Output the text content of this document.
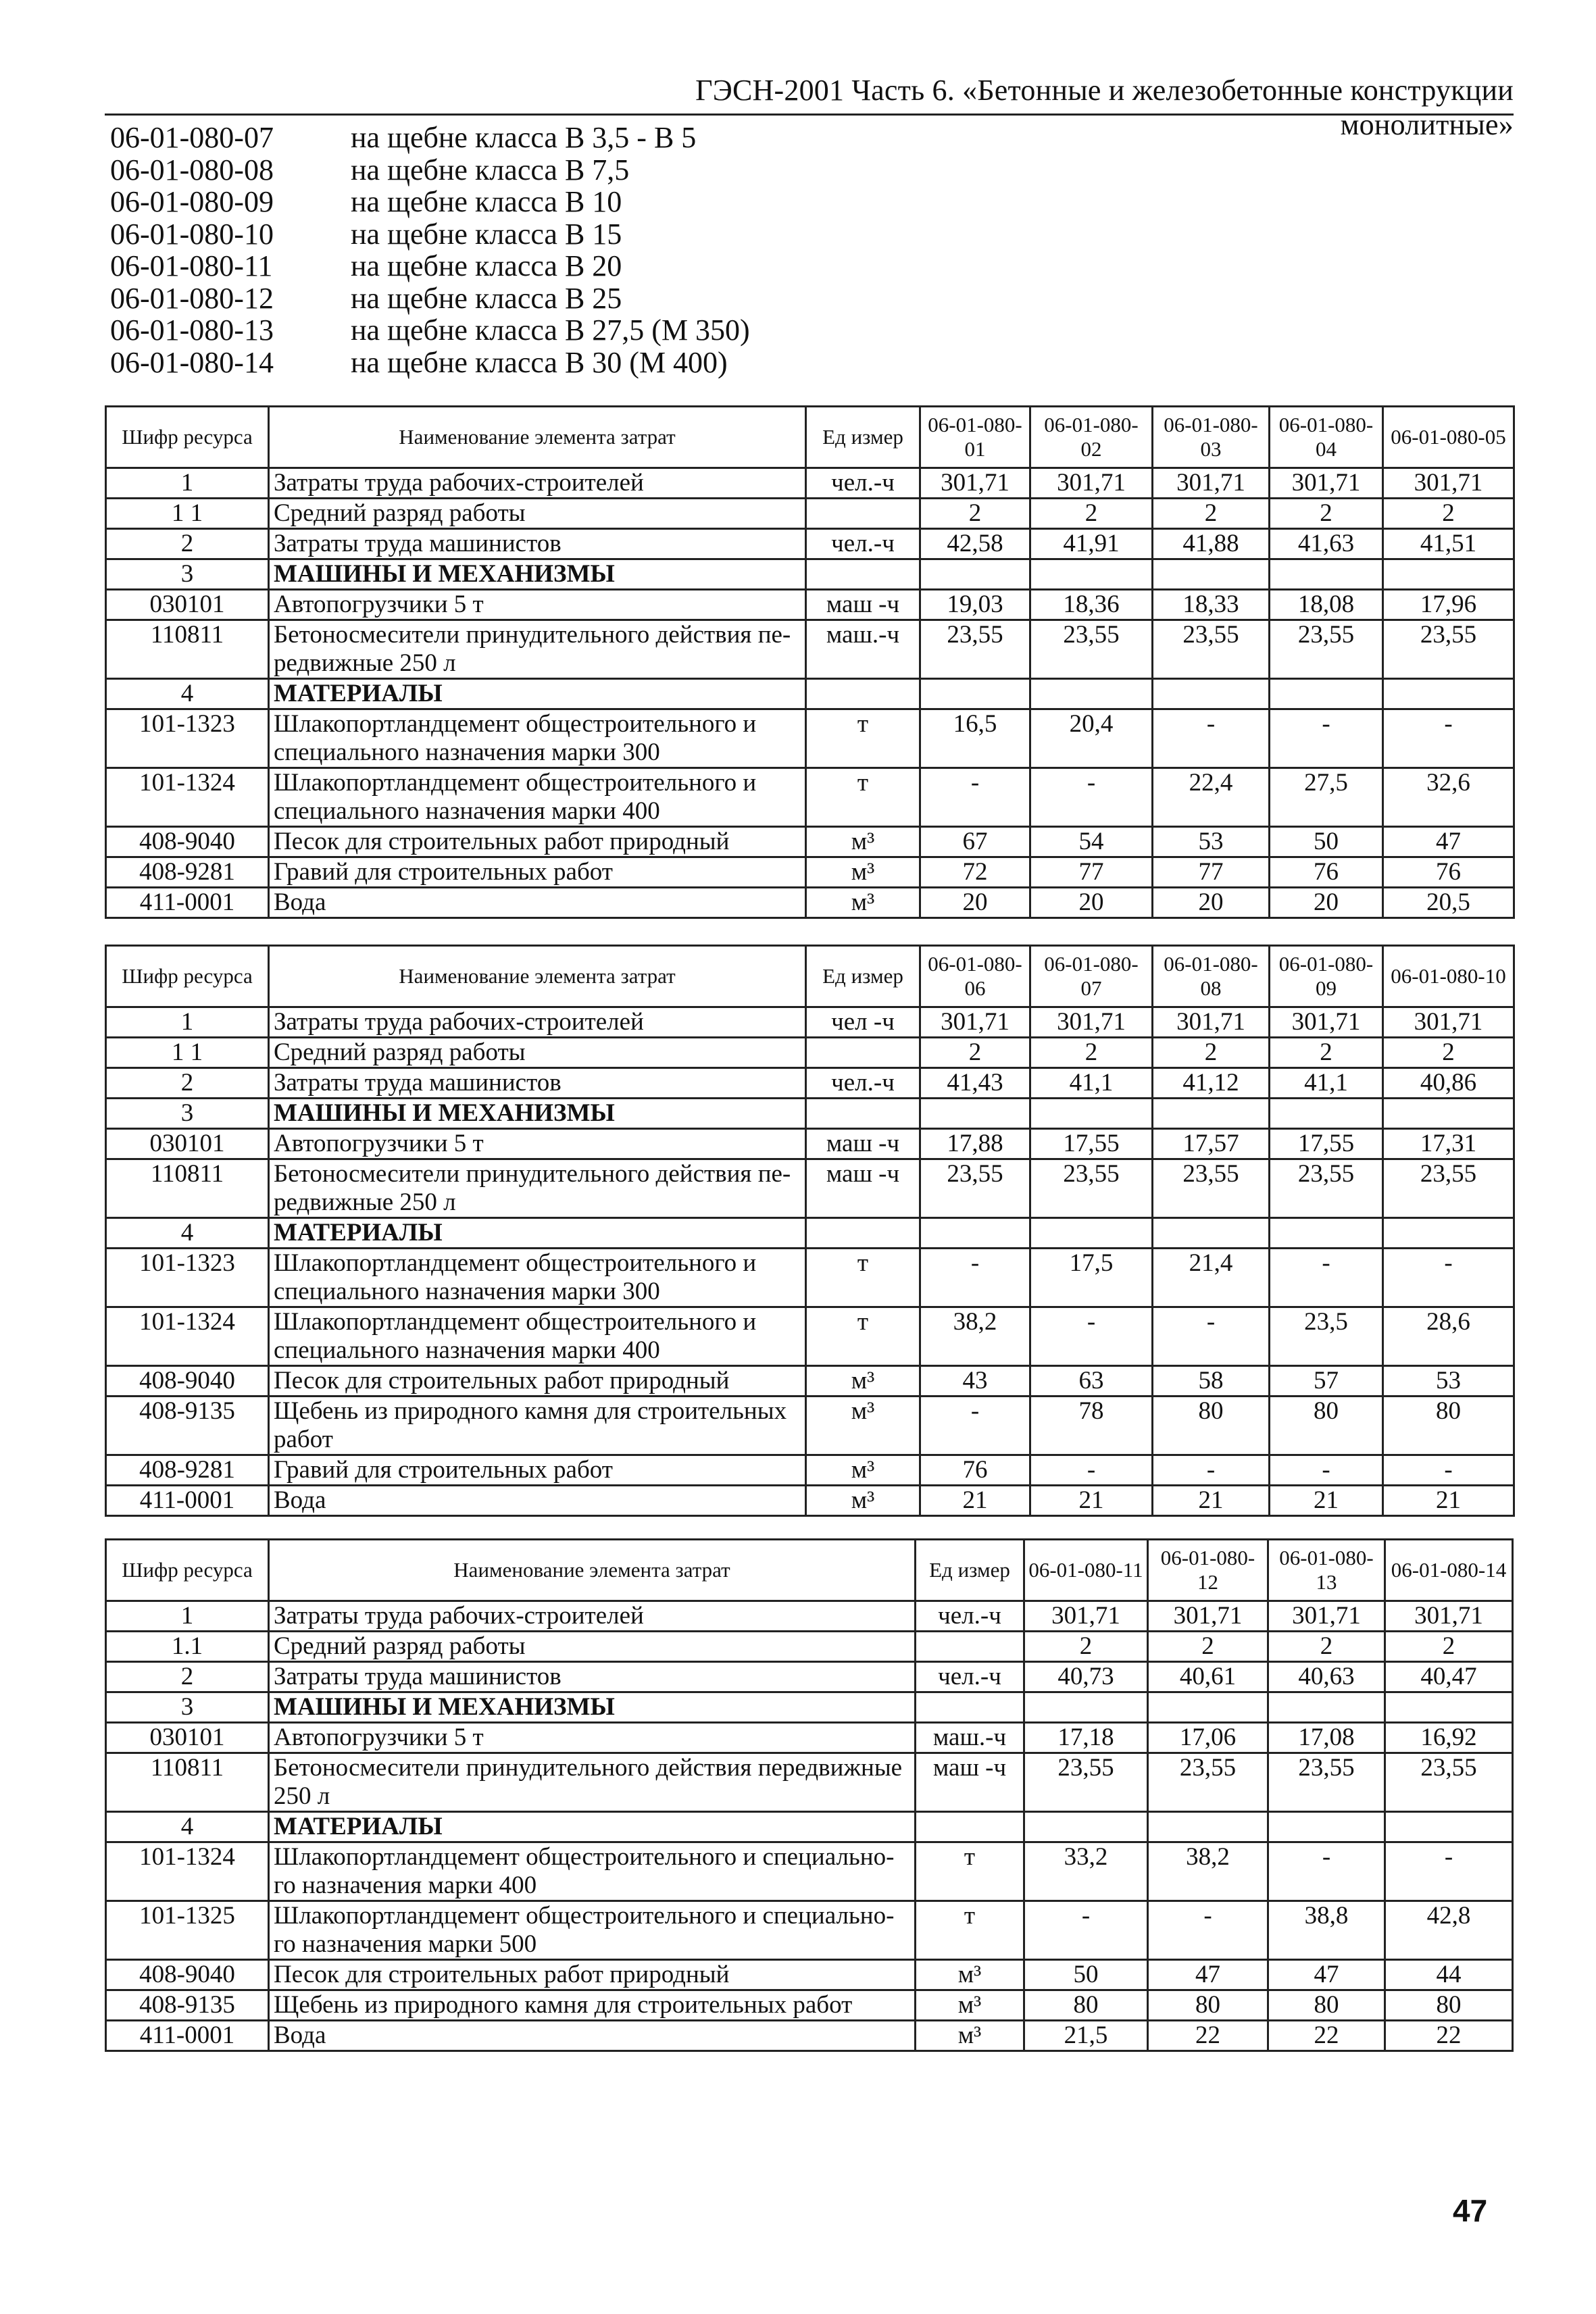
ГЭСН-2001 Часть 6. «Бетонные и железобетонные конструкции монолитные»
06-01-080-07	на щебне класса В 3,5 - В 5
06-01-080-08	на щебне класса В 7,5
06-01-080-09	на щебне класса В 10
06-01-080-10	на щебне класса В 15
06-01-080-11	на щебне класса В 20
06-01-080-12	на щебне класса В 25
06-01-080-13	на щебне класса В 27,5 (М 350)
06-01-080-14	на щебне класса В 30 (М 400)
Шифр ресурса	Наименование элемента затрат	Ед измер	06-01-080-01	06-01-080-02	06-01-080-03	06-01-080-04	06-01-080-05
1	Затраты труда рабочих-строителей	чел.-ч	301,71	301,71	301,71	301,71	301,71
1 1	Средний разряд работы		2	2	2	2	2
2	Затраты труда машинистов	чел.-ч	42,58	41,91	41,88	41,63	41,51
3	МАШИНЫ И МЕХАНИЗМЫ						
030101	Автопогрузчики 5 т	маш -ч	19,03	18,36	18,33	18,08	17,96
110811	Бетоносмесители принудительного действия пе-	маш.-ч	23,55	23,55	23,55	23,55	23,55
	редвижные 250 л						
4	МАТЕРИАЛЫ						
101-1323	Шлакопортландцемент общестроительного и	т	16,5	20,4	-	-	-
	специального назначения марки 300						
101-1324	Шлакопортландцемент общестроительного и	т	-	-	22,4	27,5	32,6
	специального назначения марки 400						
408-9040	Песок для строительных работ природный	м³	67	54	53	50	47
408-9281	Гравий для строительных работ	м³	72	77	77	76	76
411-0001	Вода	м³	20	20	20	20	20,5
Шифр ресурса	Наименование элемента затрат	Ед измер	06-01-080-06	06-01-080-07	06-01-080-08	06-01-080-09	06-01-080-10
1	Затраты труда рабочих-строителей	чел -ч	301,71	301,71	301,71	301,71	301,71
1 1	Средний разряд работы		2	2	2	2	2
2	Затраты труда машинистов	чел.-ч	41,43	41,1	41,12	41,1	40,86
3	МАШИНЫ И МЕХАНИЗМЫ						
030101	Автопогрузчики 5 т	маш -ч	17,88	17,55	17,57	17,55	17,31
110811	Бетоносмесители принудительного действия пе-	маш -ч	23,55	23,55	23,55	23,55	23,55
	редвижные 250 л						
4	МАТЕРИАЛЫ						
101-1323	Шлакопортландцемент общестроительного и	т	-	17,5	21,4	-	-
	специального назначения марки 300						
101-1324	Шлакопортландцемент общестроительного и	т	38,2	-	-	23,5	28,6
	специального назначения марки 400						
408-9040	Песок для строительных работ природный	м³	43	63	58	57	53
408-9135	Щебень из природного камня для строительных	м³	-	78	80	80	80
	работ						
408-9281	Гравий для строительных работ	м³	76	-	-	-	-
411-0001	Вода	м³	21	21	21	21	21
Шифр ресурса	Наименование элемента затрат	Ед измер	06-01-080-11	06-01-080-12	06-01-080-13	06-01-080-14
1	Затраты труда рабочих-строителей	чел.-ч	301,71	301,71	301,71	301,71
1.1	Средний разряд работы		2	2	2	2
2	Затраты труда машинистов	чел.-ч	40,73	40,61	40,63	40,47
3	МАШИНЫ И МЕХАНИЗМЫ					
030101	Автопогрузчики 5 т	маш.-ч	17,18	17,06	17,08	16,92
110811	Бетоносмесители принудительного действия передвижные	маш -ч	23,55	23,55	23,55	23,55
	250 л					
4	МАТЕРИАЛЫ					
101-1324	Шлакопортландцемент общестроительного и специально-	т	33,2	38,2	-	-
	го назначения марки 400					
101-1325	Шлакопортландцемент общестроительного и специально-	т	-	-	38,8	42,8
	го назначения марки 500					
408-9040	Песок для строительных работ природный	м³	50	47	47	44
408-9135	Щебень из природного камня для строительных работ	м³	80	80	80	80
411-0001	Вода	м³	21,5	22	22	22
47
